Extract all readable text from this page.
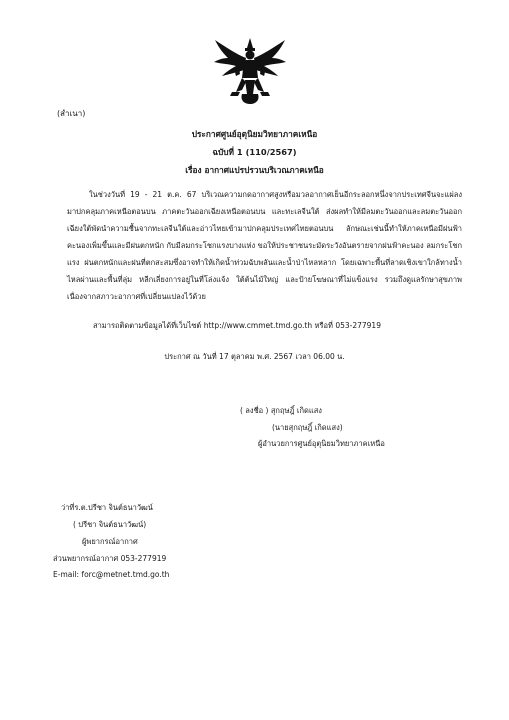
(สำเนา)
ประกาศศูนย์อุตุนิยมวิทยาภาคเหนือ
ฉบับที่ 1 (110/2567)
เรื่อง อากาศแปรปรวนบริเวณภาคเหนือ
ในช่วงวันที่ 19 - 21 ต.ค. 67 บริเวณความกดอากาศสูงหรือมวลอากาศเย็นอีกระลอกหนึ่งจากประเทศจีนจะแผ่ลงมาปกคลุมภาคเหนือตอนบน ภาคตะวันออกเฉียงเหนือตอนบน และทะเลจีนใต้ ส่งผลทำให้มีลมตะวันออกและลมตะวันออกเฉียงใต้พัดนำความชื้นจากทะเลจีนใต้และอ่าวไทยเข้ามาปกคลุมประเทศไทยตอนบน ลักษณะเช่นนี้ทำให้ภาคเหนือมีฝนฟ้าคะนองเพิ่มขึ้นและมีฝนตกหนัก กับมีลมกระโชกแรงบางแห่ง ขอให้ประชาชนระมัดระวังอันตรายจากฝนฟ้าคะนอง ลมกระโชกแรง ฝนตกหนักและฝนที่ตกสะสมซึ่งอาจทำให้เกิดน้ำท่วมฉับพลันและน้ำป่าไหลหลาก โดยเฉพาะพื้นที่ลาดเชิงเขาใกล้ทางน้ำไหลผ่านและพื้นที่ลุ่ม หลีกเลี่ยงการอยู่ในที่โล่งแจ้ง ใต้ต้นไม้ใหญ่ และป้ายโฆษณาที่ไม่แข็งแรง รวมถึงดูแลรักษาสุขภาพเนื่องจากสภาวะอากาศที่เปลี่ยนแปลงไว้ด้วย
สามารถติดตามข้อมูลได้ที่เว็บไซต์ http://www.cmmet.tmd.go.th หรือที่ 053-277919
ประกาศ ณ วันที่ 17 ตุลาคม พ.ศ. 2567 เวลา 06.00 น.
( ลงชื่อ ) สุกฤษฎิ์ เกิดแสง
(นายสุกฤษฎิ์ เกิดแสง)
ผู้อำนวยการศูนย์อุตุนิยมวิทยาภาคเหนือ
ว่าที่ร.ต.ปรีชา จินต์ธนาวัฒน์
( ปรีชา จินต์ธนาวัฒน์)
ผู้พยากรณ์อากาศ
ส่วนพยากรณ์อากาศ 053-277919
E-mail: forc@metnet.tmd.go.th
